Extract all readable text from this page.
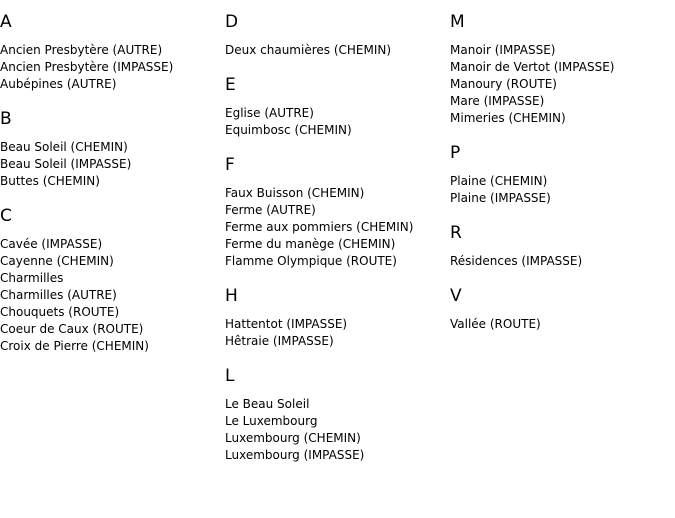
A
Ancien Presbytère (AUTRE)
Ancien Presbytère (IMPASSE)
Aubépines (AUTRE)
B
Beau Soleil (CHEMIN)
Beau Soleil (IMPASSE)
Buttes (CHEMIN)
C
Cavée (IMPASSE)
Cayenne (CHEMIN)
Charmilles
Charmilles (AUTRE)
Chouquets (ROUTE)
Coeur de Caux (ROUTE)
Croix de Pierre (CHEMIN)
D
Deux chaumières (CHEMIN)
E
Eglise (AUTRE)
Equimbosc (CHEMIN)
F
Faux Buisson (CHEMIN)
Ferme (AUTRE)
Ferme aux pommiers (CHEMIN)
Ferme du manège (CHEMIN)
Flamme Olympique (ROUTE)
H
Hattentot (IMPASSE)
Hêtraie (IMPASSE)
L
Le Beau Soleil
Le Luxembourg
Luxembourg (CHEMIN)
Luxembourg (IMPASSE)
M
Manoir (IMPASSE)
Manoir de Vertot (IMPASSE)
Manoury (ROUTE)
Mare (IMPASSE)
Mimeries (CHEMIN)
P
Plaine (CHEMIN)
Plaine (IMPASSE)
R
Résidences (IMPASSE)
V
Vallée (ROUTE)
